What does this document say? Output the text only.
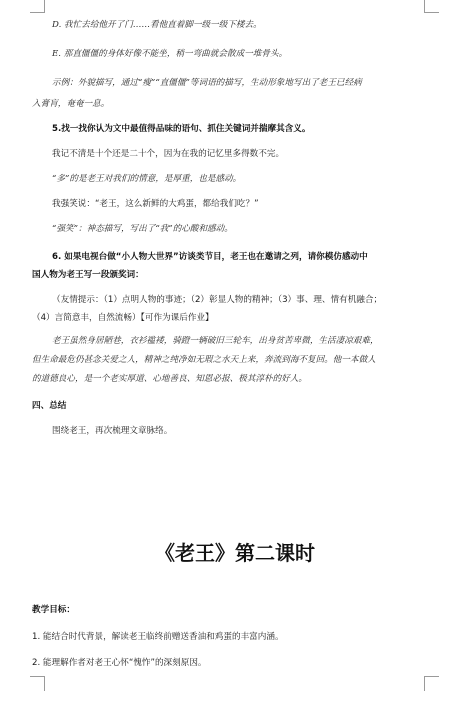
D. 我忙去给他开了门……看他直着脚一级一级下楼去。
E. 那直僵僵的身体好像不能坐，稍一弯曲就会散成一堆骨头。
示例：外貌描写，通过“瘦”“直僵僵”等词语的描写，生动形象地写出了老王已经病
入膏肓，奄奄一息。
5.找一找你认为文中最值得品味的语句、抓住关键词并揣摩其含义。
我记不清是十个还是二十个，因为在我的记忆里多得数不完。
“多”的是老王对我们的情意，是厚重，也是感动。
我强笑说：“老王，这么新鲜的大鸡蛋，都给我们吃？”
“强笑”：神态描写，写出了“我”的心酸和感动。
6. 如果电视台做“小人物大世界”访谈类节目，老王也在邀请之列，请你模仿感动中
国人物为老王写一段颁奖词：
（友情提示：（1）点明人物的事迹；（2）彰显人物的精神；（3）事、理、情有机融合；
（4）言简意丰，自然流畅）【可作为课后作业】
老王虽然身居陋巷，衣衫褴褛，骑蹬一辆破旧三轮车，出身贫苦卑微，生活凄凉艰难，
但生命最危仍甚念关爱之人，精神之纯净如无瑕之水天上来，奔流到海不复回。他一本做人
的道德良心，是一个老实厚道、心地善良、知恩必报、极其淳朴的好人。
四、总结
围绕老王，再次梳理文章脉络。
《老王》第二课时
教学目标：
1. 能结合时代背景，解读老王临终前赠送香油和鸡蛋的丰富内涵。
2. 能理解作者对老王心怀“愧怍”的深刻原因。
